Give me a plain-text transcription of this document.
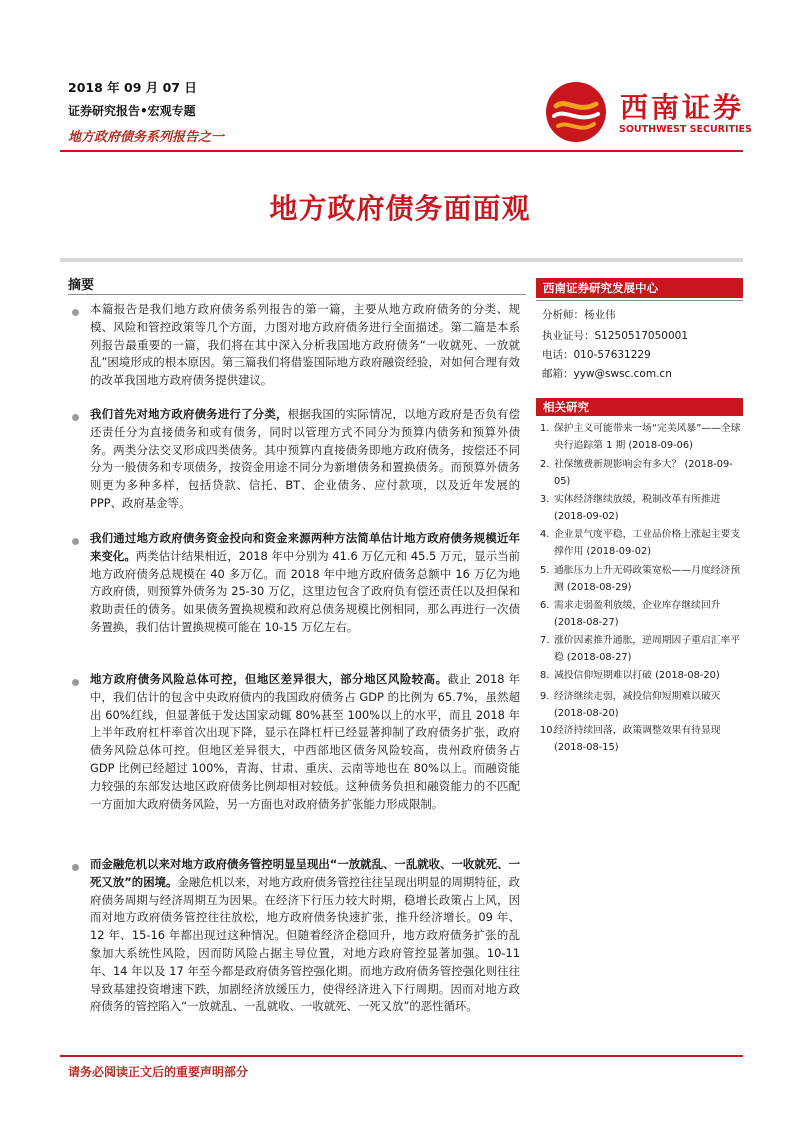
2018 年 09 月 07 日
证券研究报告•宏观专题
地方政府债务系列报告之一
西南证券
SOUTHWEST SECURITIES
地方政府债务面面观
摘要

本篇报告是我们地方政府债务系列报告的第一篇，主要从地方政府债务的分类、规模、风险和管控政策等几个方面，力图对地方政府债务进行全面描述。第二篇是本系列报告最重要的一篇，我们将在其中深入分析我国地方政府债务“一收就死、一放就乱”困境形成的根本原因。第三篇我们将借鉴国际地方政府融资经验，对如何合理有效的改革我国地方政府债务提供建议。

我们首先对地方政府债务进行了分类，根据我国的实际情况，以地方政府是否负有偿还责任分为直接债务和或有债务，同时以管理方式不同分为预算内债务和预算外债务。两类分法交叉形成四类债务。其中预算内直接债务即地方政府债务，按偿还不同分为一般债务和专项债务，按资金用途不同分为新增债务和置换债务。而预算外债务则更为多种多样，包括贷款、信托、BT、企业债务、应付款项，以及近年发展的PPP、政府基金等。

我们通过地方政府债务资金投向和资金来源两种方法简单估计地方政府债务规模近年来变化。两类估计结果相近，2018 年中分别为 41.6 万亿元和 45.5 万元，显示当前地方政府债务总规模在 40 多万亿。而 2018 年中地方政府债务总额中 16 万亿为地方政府债，则预算外债务为 25-30 万亿，这里边包含了政府负有偿还责任以及担保和救助责任的债务。如果债务置换规模和政府总债务规模比例相同，那么再进行一次债务置换，我们估计置换规模可能在 10-15 万亿左右。

地方政府债务风险总体可控，但地区差异很大，部分地区风险较高。截止 2018 年中，我们估计的包含中央政府债内的我国政府债务占 GDP 的比例为 65.7%，虽然超出 60%红线，但显著低于发达国家动辄 80%甚至 100%以上的水平，而且 2018 年上半年政府杠杆率首次出现下降，显示在降杠杆已经显著抑制了政府债务扩张，政府债务风险总体可控。但地区差异很大，中西部地区债务风险较高，贵州政府债务占 GDP 比例已经超过 100%，青海、甘肃、重庆、云南等地也在 80%以上。而融资能力较强的东部发达地区政府债务比例却相对较低。这种债务负担和融资能力的不匹配一方面加大政府债务风险，另一方面也对政府债务扩张能力形成限制。

而金融危机以来对地方政府债务管控明显呈现出“一放就乱、一乱就收、一收就死、一死又放”的困境。金融危机以来，对地方政府债务管控往往呈现出明显的周期特征，政府债务周期与经济周期互为因果。在经济下行压力较大时期，稳增长政策占上风，因而对地方政府债务管控往往放松，地方政府债务快速扩张，推升经济增长。09 年、12 年、15-16 年都出现过这种情况。但随着经济企稳回升，地方政府债务扩张的乱象加大系统性风险，因而防风险占据主导位置，对地方政府管控显著加强。10-11 年、14 年以及 17 年至今都是政府债务管控强化期。而地方政府债务管控强化则往往导致基建投资增速下跌，加剧经济放缓压力，使得经济进入下行周期。因而对地方政府债务的管控陷入“一放就乱、一乱就收、一收就死、一死又放”的恶性循环。

西南证券研究发展中心
分析师：杨业伟
执业证号：S1250517050001
电话：010-57631229
邮箱：yyw@swsc.com.cn
相关研究
1. 保护主义可能带来一场“完美风暴”——全球央行追踪第 1 期 (2018-09-06)
2. 社保缴费新规影响会有多大？ (2018-09-05)
3. 实体经济继续放缓，税制改革有所推进 (2018-09-02)
4. 企业景气度平稳，工业品价格上涨起主要支撑作用 (2018-09-02)
5. 通胀压力上升无碍政策宽松——月度经济预测 (2018-08-29)
6. 需求走弱盈利放缓，企业库存继续回升 (2018-08-27)
7. 涨价因素推升通胀，逆周期因子重启汇率平稳 (2018-08-27)
8. 减投信仰短期难以打破 (2018-08-20)
9. 经济继续走弱，减投信仰短期难以破灭 (2018-08-20)
10.
经济持续回落，政策调整效果有待显现 (2018-08-15)
请务必阅读正文后的重要声明部分
